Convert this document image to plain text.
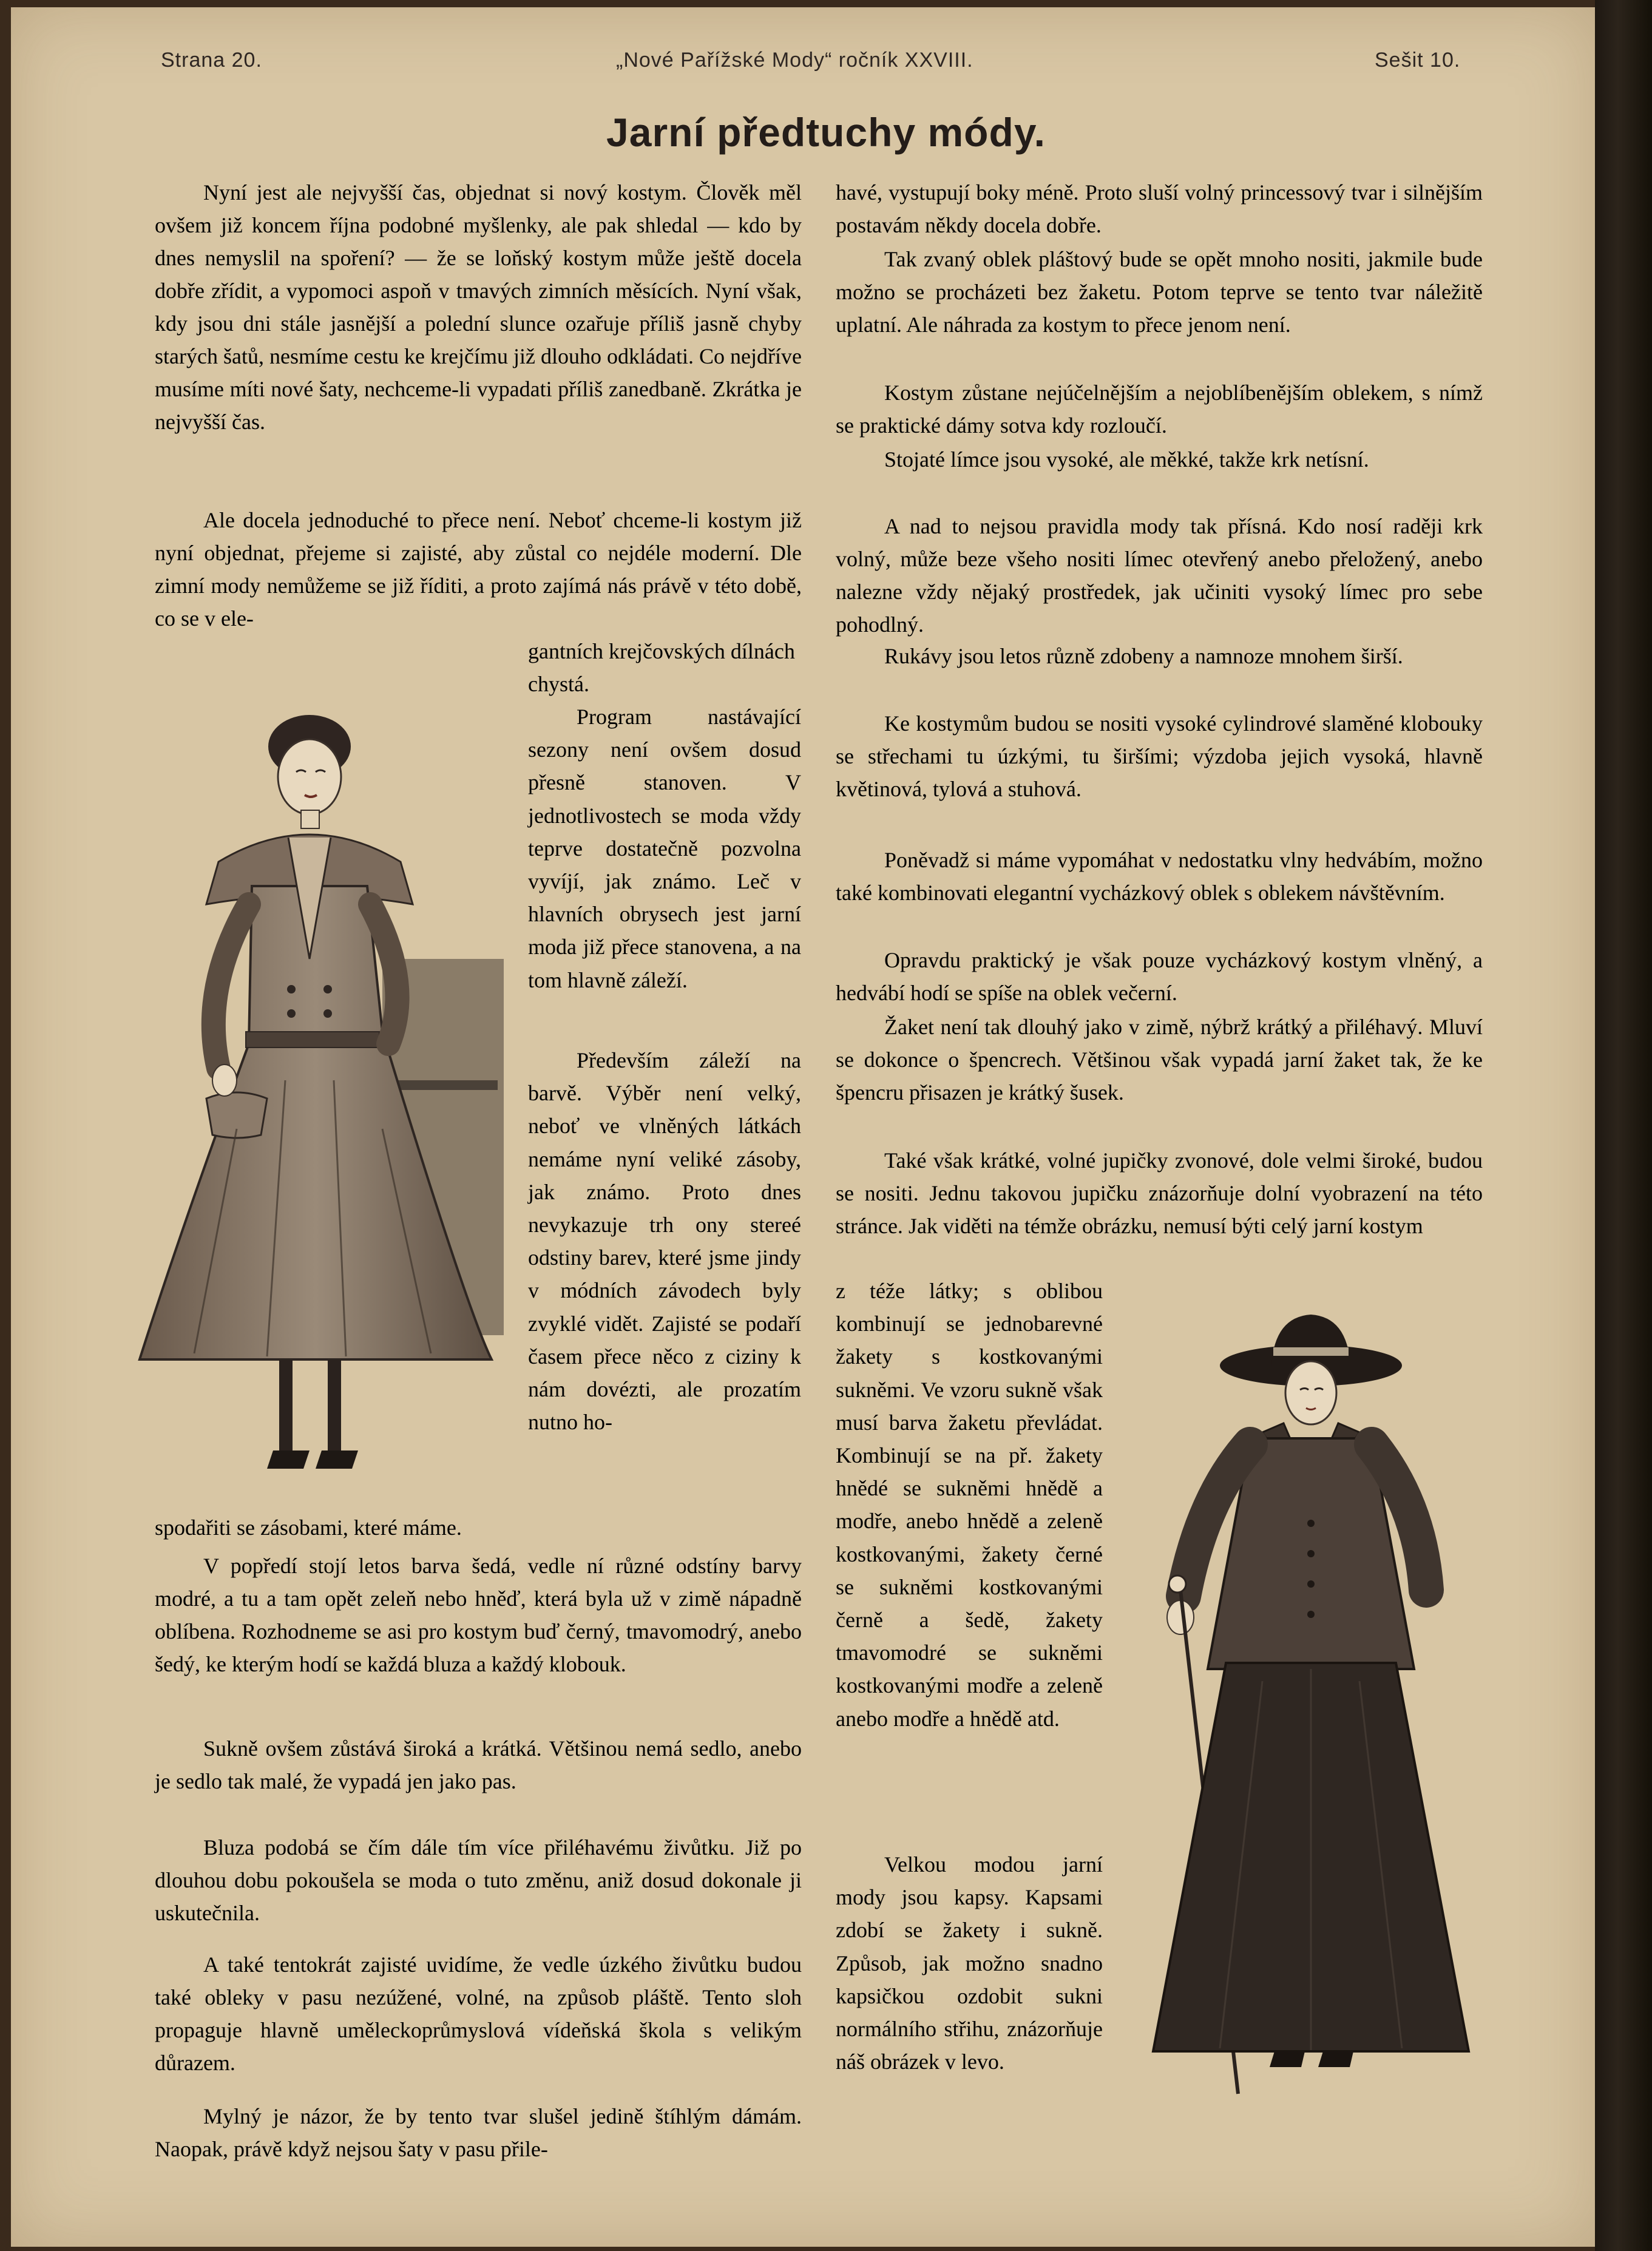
Strana 20.	„Nové Pařížské Mody“ ročník XXVIII.	Sešit 10.
Jarní předtuchy módy.

Nyní jest ale nejvyšší čas, objednat si nový kostym. Člověk měl ovšem již koncem října podobné myšlenky, ale pak shledal — kdo by dnes nemyslil na spoření? — že se loňský kostym může ještě docela dobře zřídit, a vypomoci aspoň v tmavých zimních měsících. Nyní však, kdy jsou dni stále jasnější a polední slunce ozařuje příliš jasně chyby starých šatů, nesmíme cestu ke krejčímu již dlouho odkládati. Co nejdříve musíme míti nové šaty, nechceme-li vypadati příliš zanedbaně. Zkrátka je nejvyšší čas.

Ale docela jednoduché to přece není. Neboť chceme-li kostym již nyní objednat, přejeme si zajisté, aby zůstal co nejdéle moderní. Dle zimní mody nemůžeme se již říditi, a proto zajímá nás právě v této době, co se v ele-

gantních krejčovských dílnách chystá.

Program nastávající sezony není ovšem dosud přesně stanoven. V jednotlivostech se moda vždy teprve dostatečně pozvolna vyvíjí, jak známo. Leč v hlavních obrysech jest jarní moda již přece stanovena, a na tom hlavně záleží.

Především záleží na barvě. Výběr není velký, neboť ve vlněných látkách nemáme nyní veliké zásoby, jak známo. Proto dnes nevykazuje trh ony stereé odstiny barev, které jsme jindy v módních závodech byly zvyklé vidět. Zajisté se podaří časem přece něco z ciziny k nám dovézti, ale prozatím nutno ho-

spodařiti se zásobami, které máme.

V popředí stojí letos barva šedá, vedle ní různé odstíny barvy modré, a tu a tam opět zeleň nebo hněď, která byla už v zimě nápadně oblíbena. Rozhodneme se asi pro kostym buď černý, tmavomodrý, anebo šedý, ke kterým hodí se každá bluza a každý klobouk.

Sukně ovšem zůstává široká a krátká. Většinou nemá sedlo, anebo je sedlo tak malé, že vypadá jen jako pas.

Bluza podobá se čím dále tím více přiléhavému živůtku. Již po dlouhou dobu pokoušela se moda o tuto změnu, aniž dosud dokonale ji uskutečnila.

A také tentokrát zajisté uvidíme, že vedle úzkého živůtku budou také obleky v pasu nezúžené, volné, na způsob pláště. Tento sloh propaguje hlavně uměleckoprůmyslová vídeňská škola s velikým důrazem.

Mylný je názor, že by tento tvar slušel jedině štíhlým dámám. Naopak, právě když nejsou šaty v pasu přile-

havé, vystupují boky méně. Proto sluší volný princessový tvar i silnějším postavám někdy docela dobře.

Tak zvaný oblek pláštový bude se opět mnoho nositi, jakmile bude možno se procházeti bez žaketu. Potom teprve se tento tvar náležitě uplatní. Ale náhrada za kostym to přece jenom není.

Kostym zůstane nejúčelnějším a nejoblíbenějším oblekem, s nímž se praktické dámy sotva kdy rozloučí.

Stojaté límce jsou vysoké, ale měkké, takže krk netísní.

A nad to nejsou pravidla mody tak přísná. Kdo nosí raději krk volný, může beze všeho nositi límec otevřený anebo přeložený, anebo nalezne vždy nějaký prostředek, jak učiniti vysoký límec pro sebe pohodlný.

Rukávy jsou letos různě zdobeny a namnoze mnohem širší.

Ke kostymům budou se nositi vysoké cylindrové slaměné klobouky se střechami tu úzkými, tu širšími; výzdoba jejich vysoká, hlavně květinová, tylová a stuhová.

Poněvadž si máme vypomáhat v nedostatku vlny hedvábím, možno také kombinovati elegantní vycházkový oblek s oblekem návštěvním.

Opravdu praktický je však pouze vycházkový kostym vlněný, a hedvábí hodí se spíše na oblek večerní.

Žaket není tak dlouhý jako v zimě, nýbrž krátký a přiléhavý. Mluví se dokonce o špencrech. Většinou však vypadá jarní žaket tak, že ke špencru přisazen je krátký šusek.

Také však krátké, volné jupičky zvonové, dole velmi široké, budou se nositi. Jednu takovou jupičku znázorňuje dolní vyobrazení na této stránce. Jak viděti na témže obrázku, nemusí býti celý jarní kostym

z téže látky; s oblibou kombinují se jednobarevné žakety s kostkovanými sukněmi. Ve vzoru sukně však musí barva žaketu převládat. Kombinují se na př. žakety hnědé se sukněmi hnědě a modře, anebo hnědě a zeleně kostkovanými, žakety černé se sukněmi kostkovanými černě a šedě, žakety tmavomodré se sukněmi kostkovanými modře a zeleně anebo modře a hnědě atd.

Velkou modou jarní mody jsou kapsy. Kapsami zdobí se žakety i sukně. Způsob, jak možno snadno kapsičkou ozdobit sukni normálního střihu, znázorňuje náš obrázek v levo.
